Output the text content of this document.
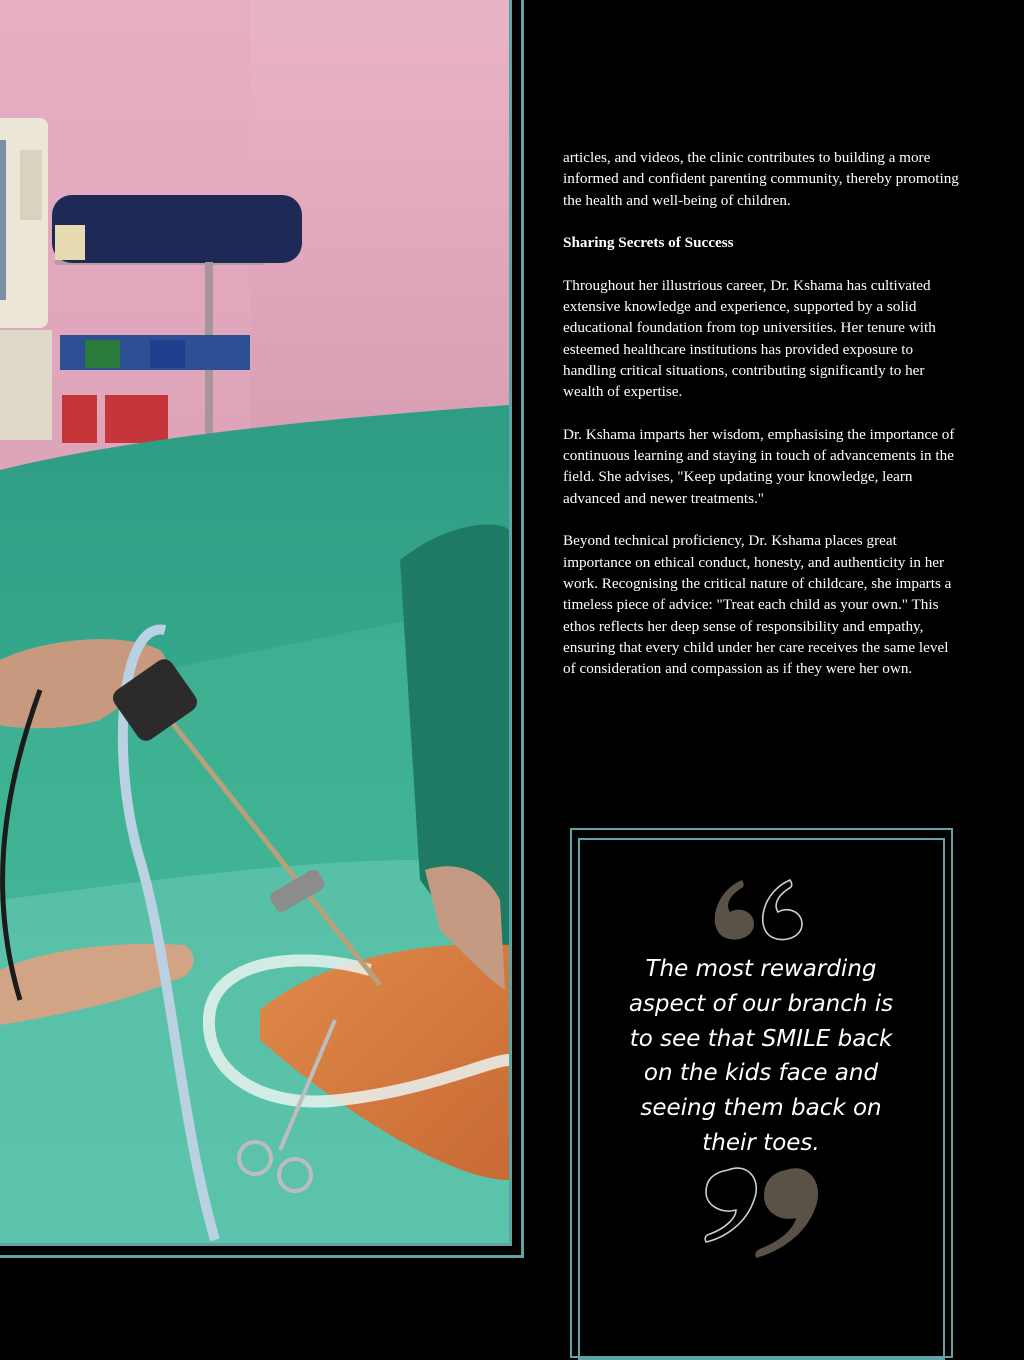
articles, and videos, the clinic contributes to building a more informed and confident parenting community, thereby promoting the health and well-being of children.

Sharing Secrets of Success

Throughout her illustrious career, Dr. Kshama has cultivated extensive knowledge and experience, supported by a solid educational foundation from top universities. Her tenure with esteemed healthcare institutions has provided exposure to handling critical situations, contributing significantly to her wealth of expertise.

Dr. Kshama imparts her wisdom, emphasising the importance of continuous learning and staying in touch of advancements in the field. She advises, "Keep updating your knowledge, learn advanced and newer treatments."

Beyond technical proficiency, Dr. Kshama places great importance on ethical conduct, honesty, and authenticity in her work. Recognising the critical nature of childcare, she imparts a timeless piece of advice: "Treat each child as your own." This ethos reflects her deep sense of responsibility and empathy, ensuring that every child under her care receives the same level of consideration and compassion as if they were her own.

The most rewarding aspect of our branch is to see that SMILE back on the kids face and seeing them back on their toes.
